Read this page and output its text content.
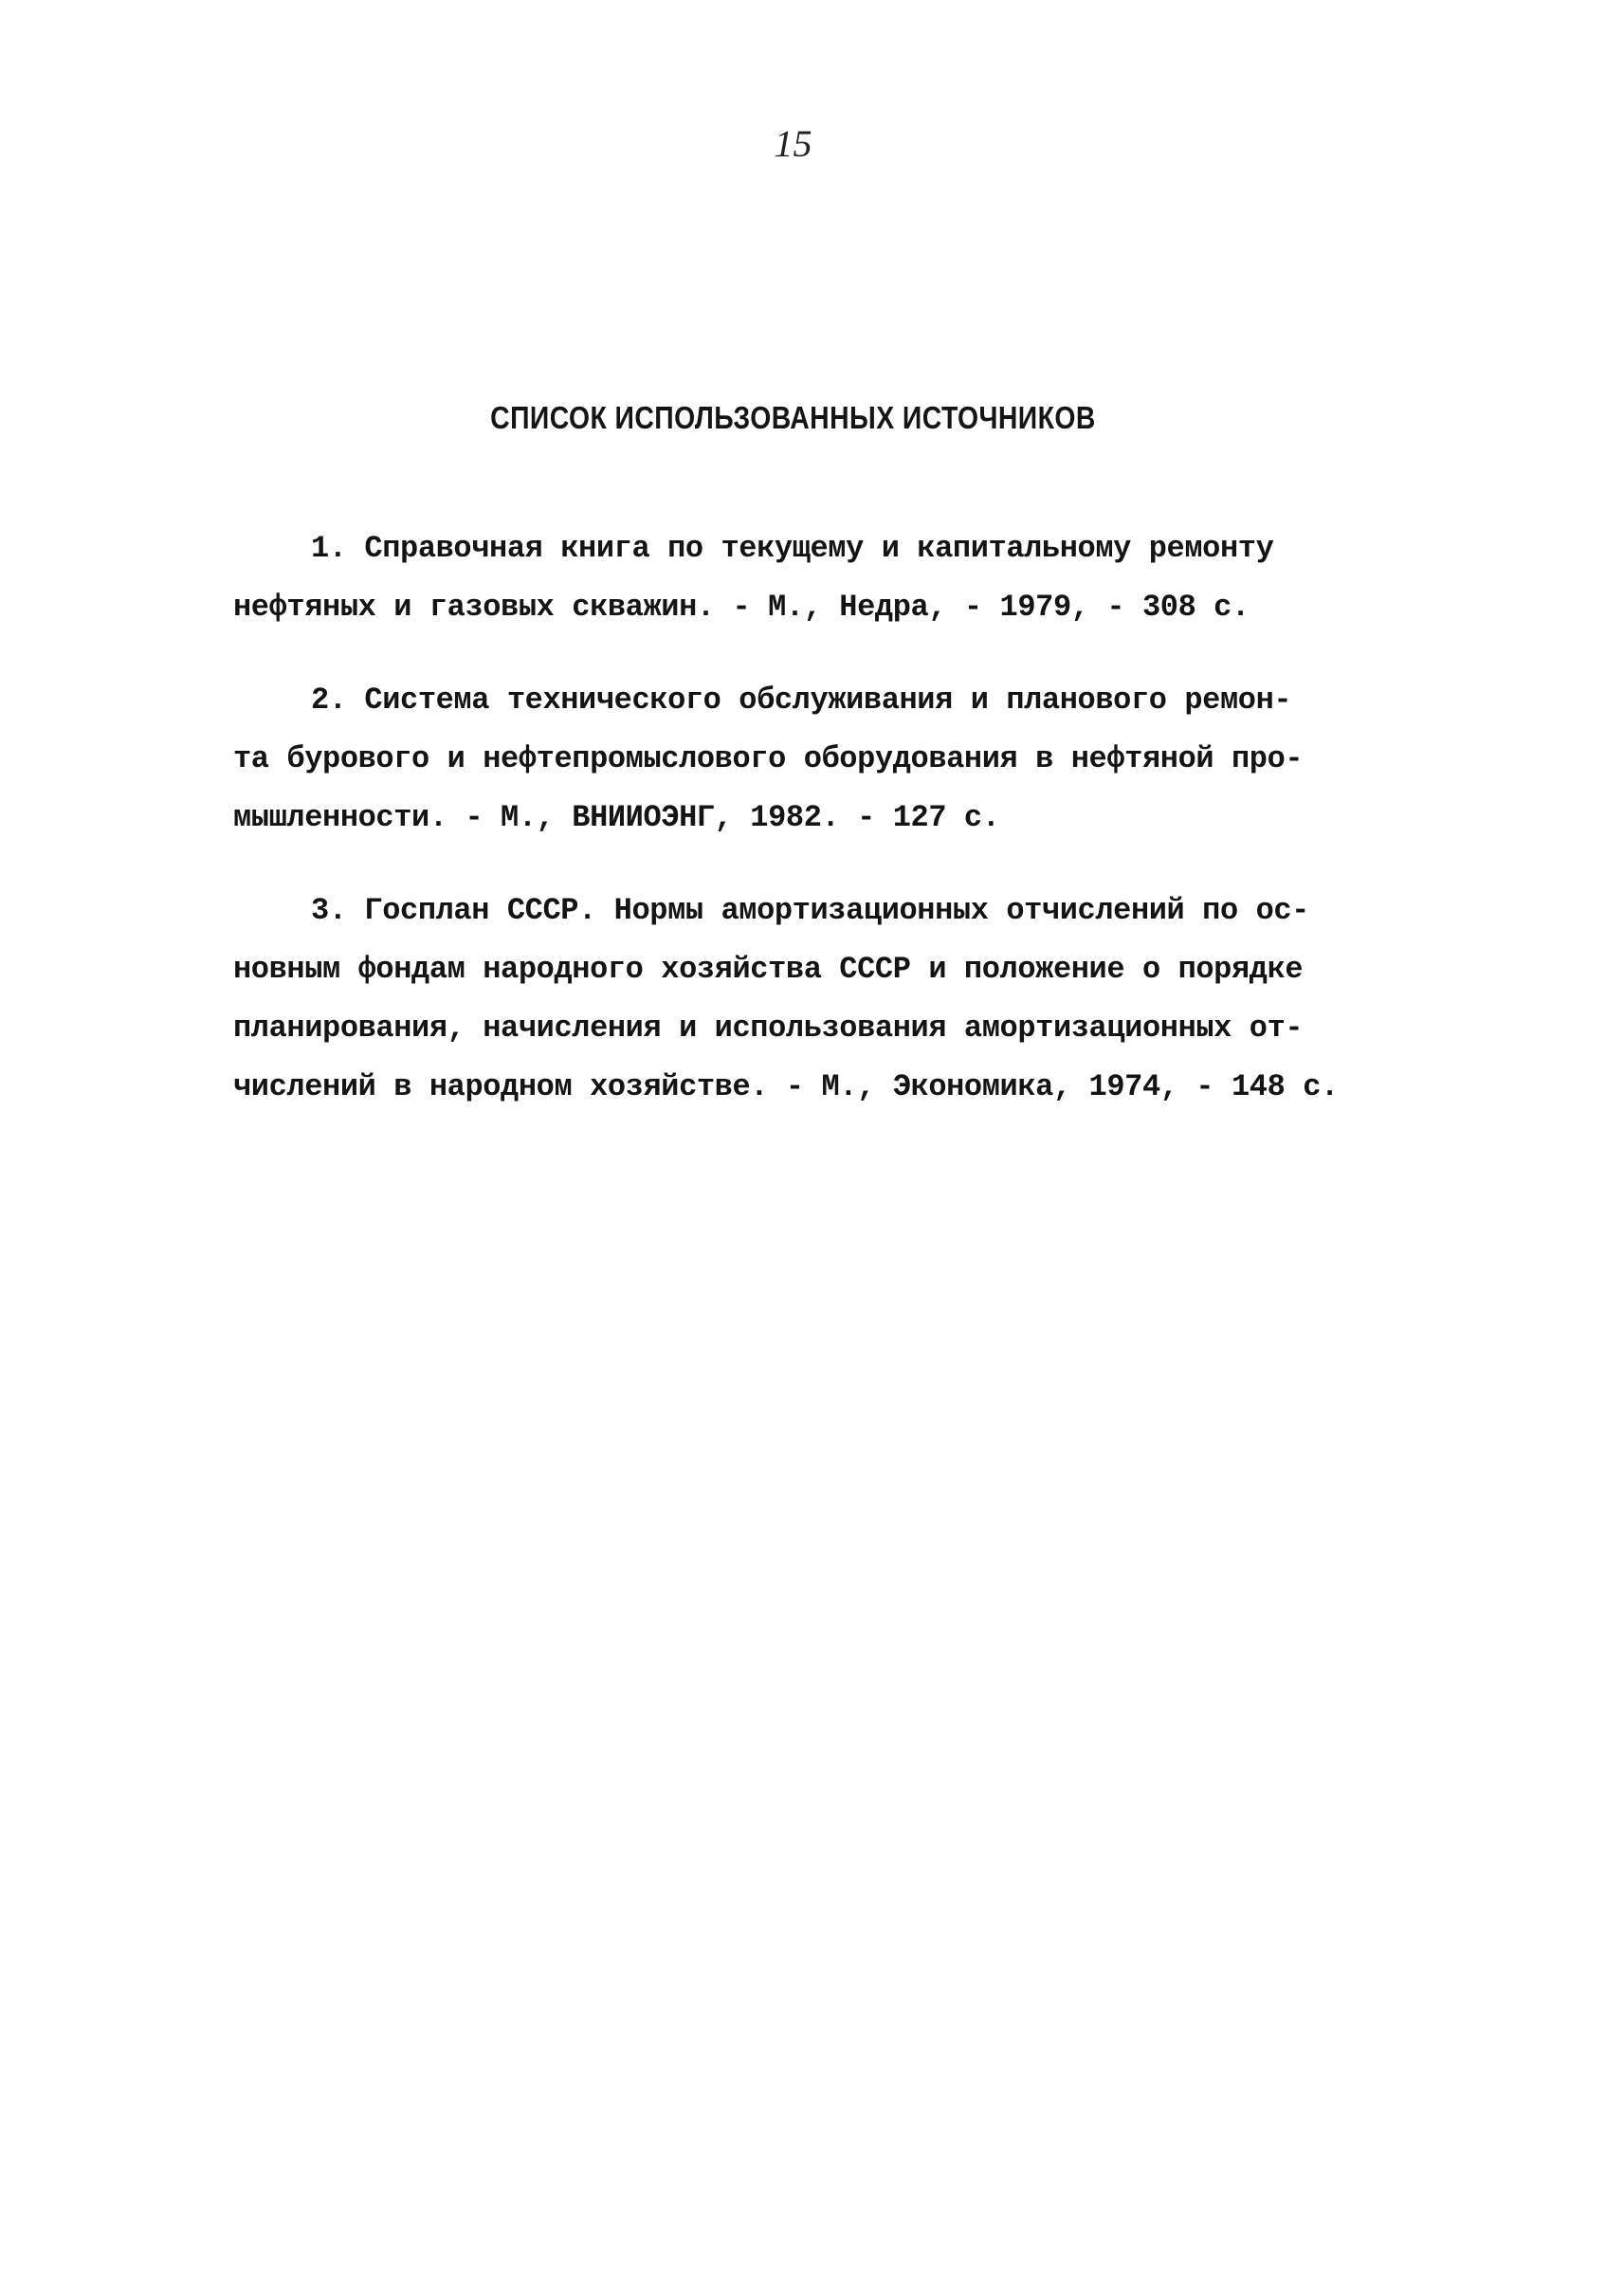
15
СПИСОК ИСПОЛЬЗОВАННЫХ ИСТОЧНИКОВ
1. Справочная книга по текущему и капитальному ремонту
нефтяных и газовых скважин. - М., Недра, - 1979, - 308 с.
2. Система технического обслуживания и планового ремон-
та бурового и нефтепромыслового оборудования в нефтяной про-
мышленности. - М., ВНИИОЭНГ, 1982. - 127 с.
3. Госплан СССР. Нормы амортизационных отчислений по ос-
новным фондам народного хозяйства СССР и положение о порядке
планирования, начисления и использования амортизационных от-
числений в народном хозяйстве. - М., Экономика, 1974, - 148 с.
